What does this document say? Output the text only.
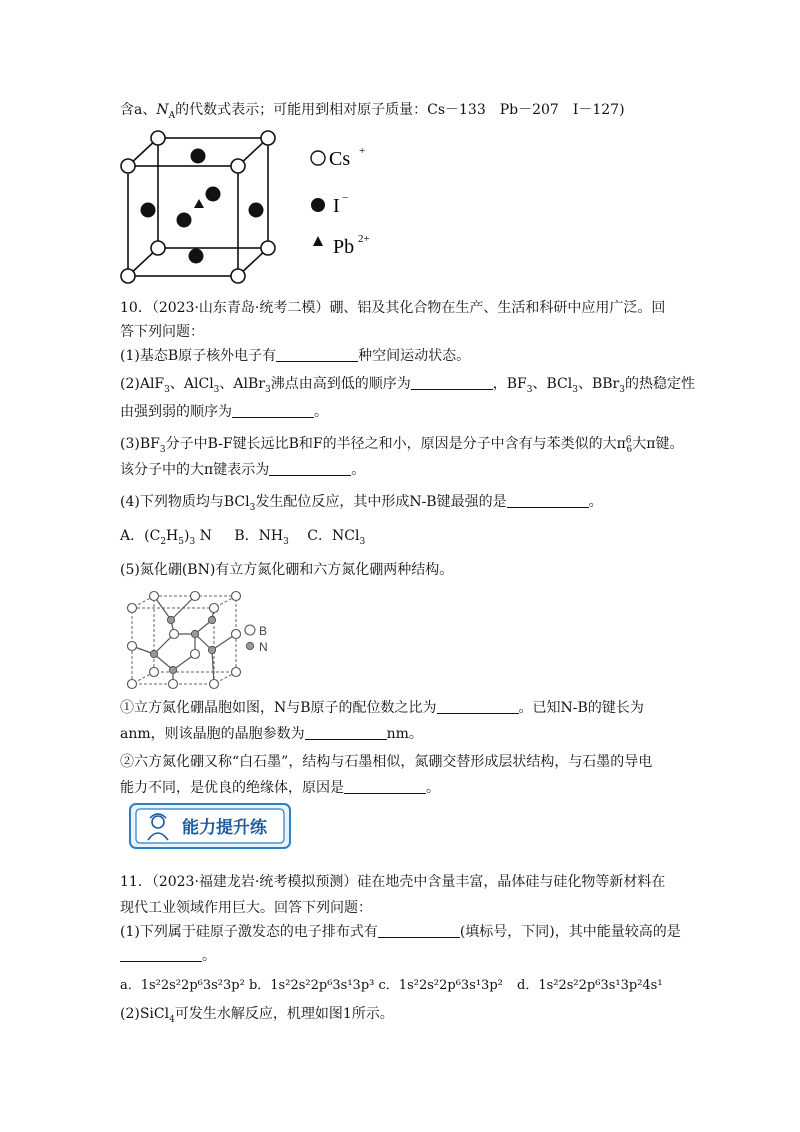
含a、$N_A$的代数式表示；可能用到相对原子质量：Cs－133　Pb－207　I－127)
Cs +
I −
Pb 2+
10．（2023·山东青岛·统考二模）硼、铝及其化合物在生产、生活和科研中应用广泛。回
答下列问题：
(1)基态B原子核外电子有	种空间运动状态。
(2)AlF$_3$、AlCl$_3$、AlBr$_3$沸点由高到低的顺序为	，$BF_3$、BCl$_3$、BBr$_3$的热稳定性
由强到弱的顺序为	。
$(3)BF_3$分子中B-F键长远比B和F的半径之和小，原因是分子中含有与苯类似的大$\pi^6_6$大π键。
该分子中的大π键表示为	。
(4)下列物质均与BCl$_3$发生配位反应，其中形成N-B键最强的是	。
A．$(C_2H_5)_3$ N B．$NH_3$ C．NCl$_3$
(5)氮化硼(BN)有立方氮化硼和六方氮化硼两种结构。
B
N
①立方氮化硼晶胞如图，N与B原子的配位数之比为	。已知N-B的键长为
anm，则该晶胞的晶胞参数为	nm。
②六方氮化硼又称“白石墨”，结构与石墨相似，氮硼交替形成层状结构，与石墨的导电
能力不同，是优良的绝缘体，原因是	。
能力提升练
11．（2023·福建龙岩·统考模拟预测）硅在地壳中含量丰富，晶体硅与硅化物等新材料在
现代工业领域作用巨大。回答下列问题：
(1)下列属于硅原子激发态的电子排布式有	(填标号，下同)，其中能量较高的是
。
a．1s²2s²2p⁶3s²3p² b．1s²2s²2p⁶3s¹3p³ c．1s²2s²2p⁶3s¹3p² d．1s²2s²2p⁶3s¹3p²4s¹
(2)SiCl$_4$可发生水解反应，机理如图1所示。
